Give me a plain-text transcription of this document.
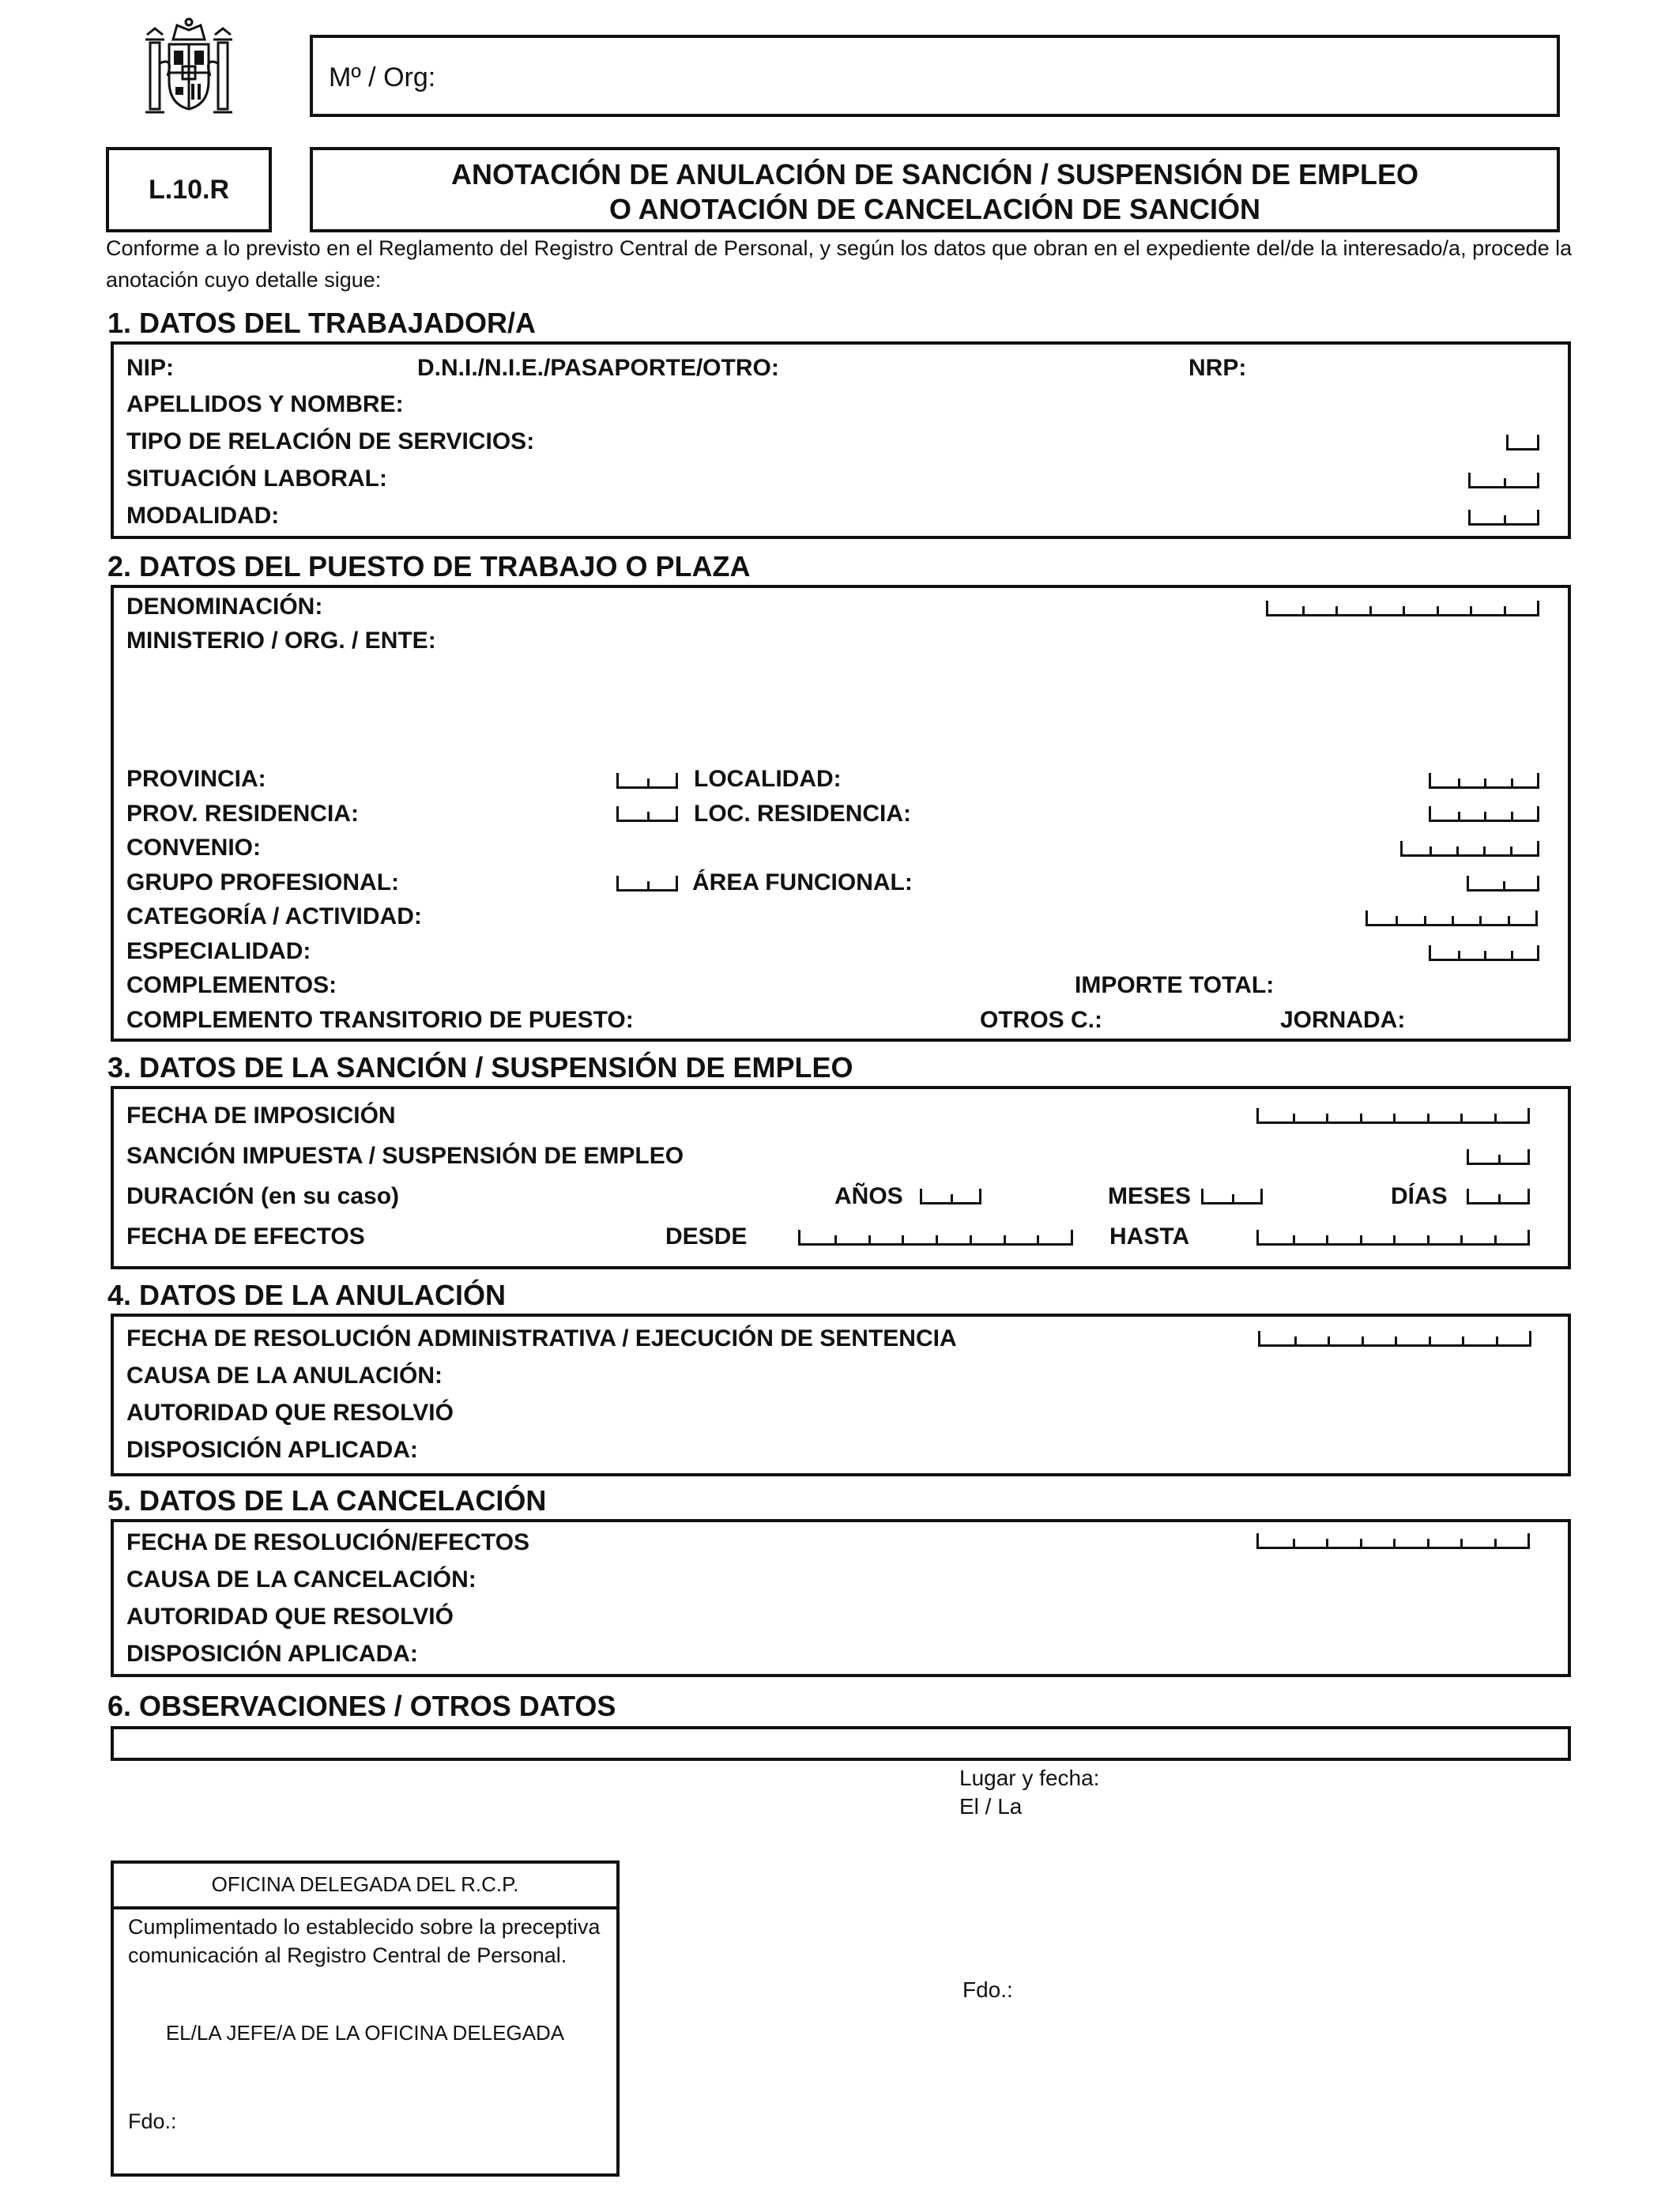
Mº / Org:
L.10.R	ANOTACIÓN DE ANULACIÓN DE SANCIÓN / SUSPENSIÓN DE EMPLEO
O ANOTACIÓN DE CANCELACIÓN DE SANCIÓN
Conforme a lo previsto en el Reglamento del Registro Central de Personal, y según los datos que obran en el expediente del/de la interesado/a, procede la
anotación cuyo detalle sigue:
1. DATOS DEL TRABAJADOR/A
NIP:	D.N.I./N.I.E./PASAPORTE/OTRO:	NRP:
APELLIDOS Y NOMBRE:
TIPO DE RELACIÓN DE SERVICIOS:
SITUACIÓN LABORAL:
MODALIDAD:
2. DATOS DEL PUESTO DE TRABAJO O PLAZA
DENOMINACIÓN:
MINISTERIO / ORG. / ENTE:
PROVINCIA:	LOCALIDAD:
PROV. RESIDENCIA:	LOC. RESIDENCIA:
CONVENIO:
GRUPO PROFESIONAL:	ÁREA FUNCIONAL:
CATEGORÍA / ACTIVIDAD:
ESPECIALIDAD:
COMPLEMENTOS:	IMPORTE TOTAL:
COMPLEMENTO TRANSITORIO DE PUESTO:	OTROS C.:	JORNADA:
3. DATOS DE LA SANCIÓN / SUSPENSIÓN DE EMPLEO
FECHA DE IMPOSICIÓN
SANCIÓN IMPUESTA / SUSPENSIÓN DE EMPLEO
DURACIÓN (en su caso)	AÑOS	MESES	DÍAS
FECHA DE EFECTOS	DESDE	HASTA
4. DATOS DE LA ANULACIÓN
FECHA DE RESOLUCIÓN ADMINISTRATIVA / EJECUCIÓN DE SENTENCIA
CAUSA DE LA ANULACIÓN:
AUTORIDAD QUE RESOLVIÓ
DISPOSICIÓN APLICADA:
5. DATOS DE LA CANCELACIÓN
FECHA DE RESOLUCIÓN/EFECTOS
CAUSA DE LA CANCELACIÓN:
AUTORIDAD QUE RESOLVIÓ
DISPOSICIÓN APLICADA:
6. OBSERVACIONES / OTROS DATOS
Lugar y fecha:
El / La
Fdo.:
OFICINA DELEGADA DEL R.C.P.
Cumplimentado lo establecido sobre la preceptiva
comunicación al Registro Central de Personal.
EL/LA JEFE/A DE LA OFICINA DELEGADA
Fdo.:
